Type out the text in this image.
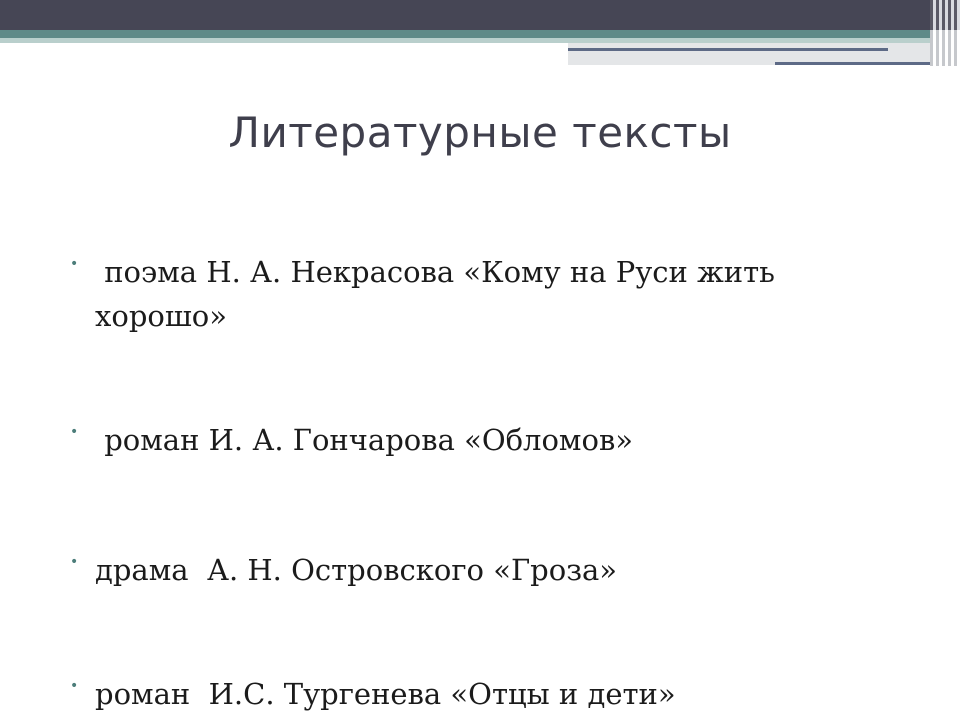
Литературные тексты
• поэма Н. А. Некрасова «Кому на Руси жить хорошо»
• роман И. А. Гончарова «Обломов»
• драма  А. Н. Островского «Гроза»
• роман  И.С. Тургенева «Отцы и дети»
